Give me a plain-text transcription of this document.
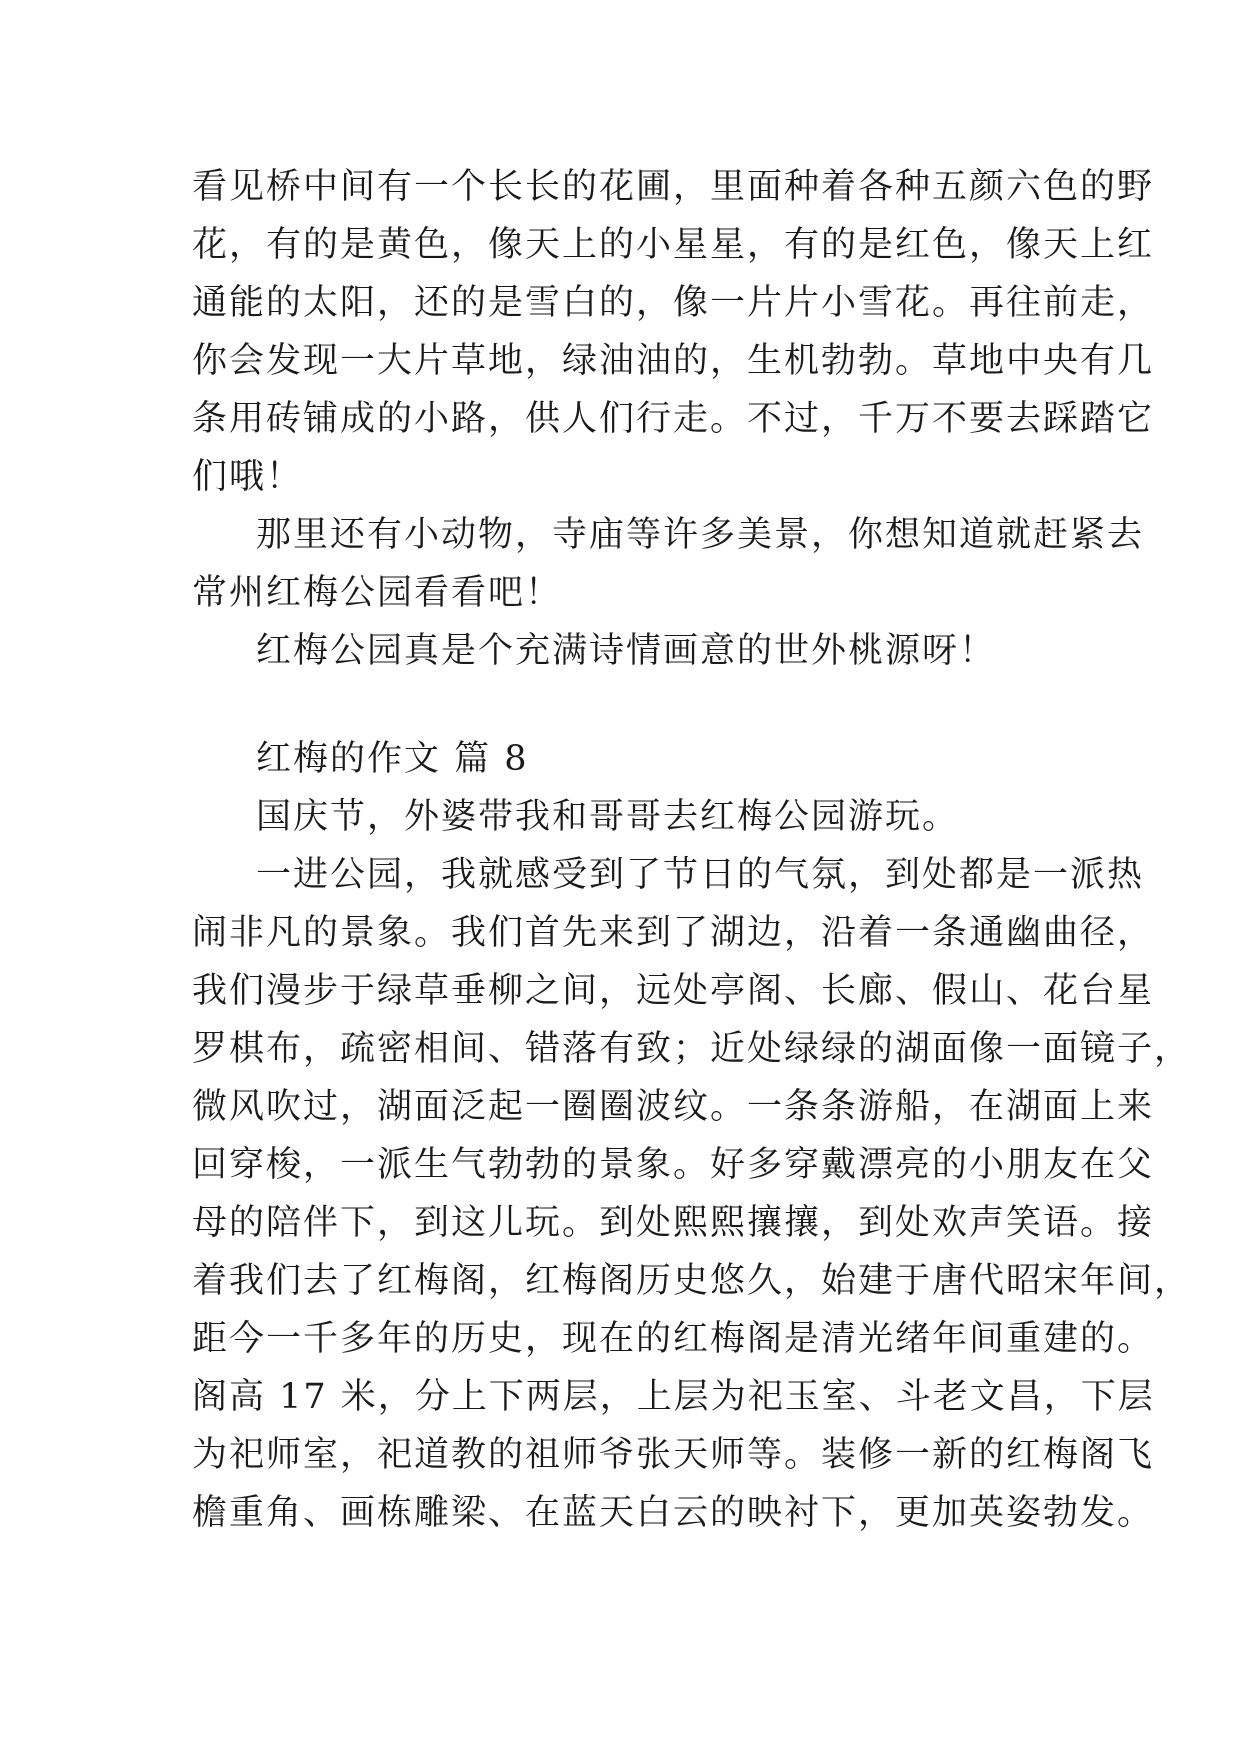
看见桥中间有一个长长的花圃，里面种着各种五颜六色的野
花，有的是黄色，像天上的小星星，有的是红色，像天上红
通能的太阳，还的是雪白的，像一片片小雪花。再往前走，
你会发现一大片草地，绿油油的，生机勃勃。草地中央有几
条用砖铺成的小路，供人们行走。不过，千万不要去踩踏它
们哦！
那里还有小动物，寺庙等许多美景，你想知道就赶紧去
常州红梅公园看看吧！
红梅公园真是个充满诗情画意的世外桃源呀！
红梅的作文 篇 8
国庆节，外婆带我和哥哥去红梅公园游玩。
一进公园，我就感受到了节日的气氛，到处都是一派热
闹非凡的景象。我们首先来到了湖边，沿着一条通幽曲径，
我们漫步于绿草垂柳之间，远处亭阁、长廊、假山、花台星
罗棋布，疏密相间、错落有致；近处绿绿的湖面像一面镜子，
微风吹过，湖面泛起一圈圈波纹。一条条游船，在湖面上来
回穿梭，一派生气勃勃的景象。好多穿戴漂亮的小朋友在父
母的陪伴下，到这儿玩。到处熙熙攘攘，到处欢声笑语。接
着我们去了红梅阁，红梅阁历史悠久，始建于唐代昭宋年间，
距今一千多年的历史，现在的红梅阁是清光绪年间重建的。
阁高 17 米，分上下两层，上层为祀玉室、斗老文昌，下层
为祀师室，祀道教的祖师爷张天师等。装修一新的红梅阁飞
檐重角、画栋雕梁、在蓝天白云的映衬下，更加英姿勃发。
